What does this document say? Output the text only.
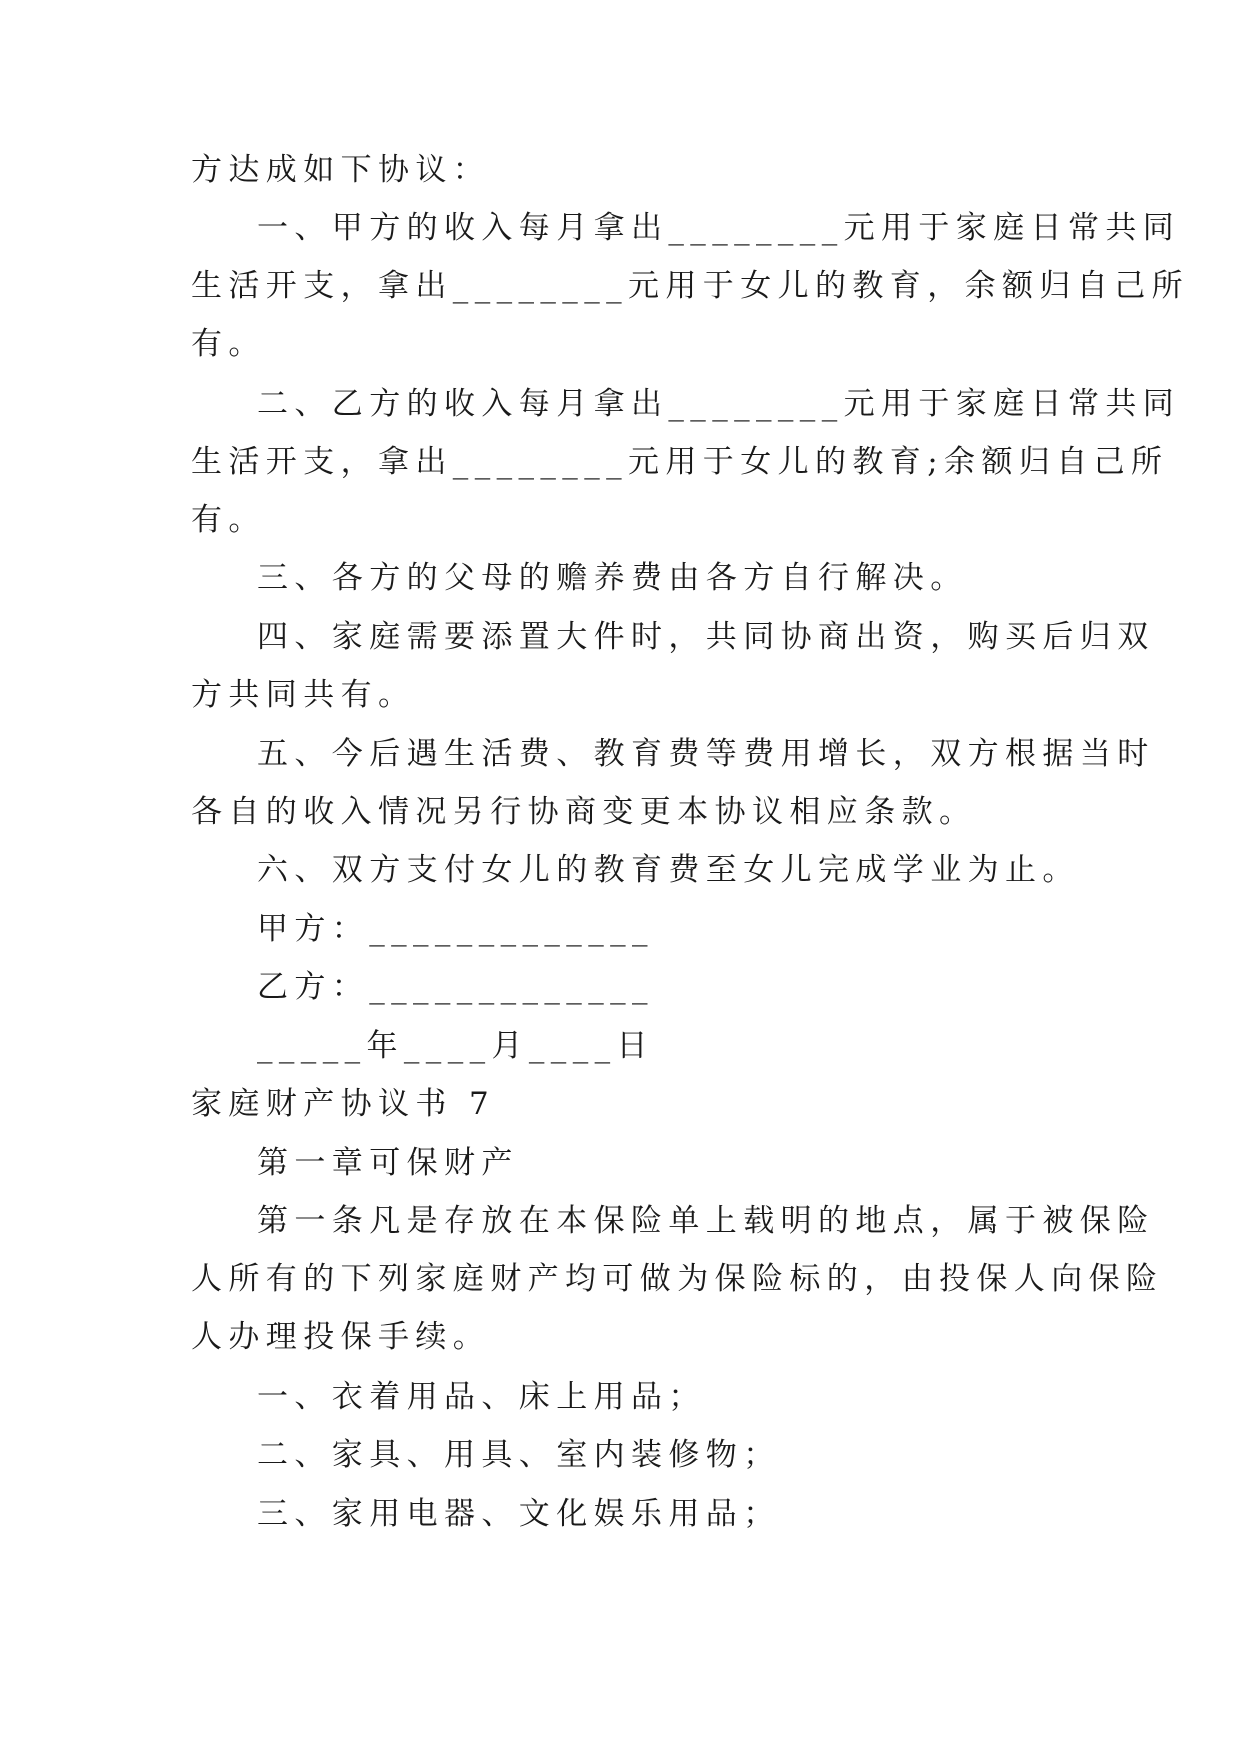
方达成如下协议：
一、甲方的收入每月拿出________元用于家庭日常共同
生活开支，拿出________元用于女儿的教育，余额归自己所
有。
二、乙方的收入每月拿出________元用于家庭日常共同
生活开支，拿出________元用于女儿的教育;余额归自己所
有。
三、各方的父母的赡养费由各方自行解决。
四、家庭需要添置大件时，共同协商出资，购买后归双
方共同共有。
五、今后遇生活费、教育费等费用增长，双方根据当时
各自的收入情况另行协商变更本协议相应条款。
六、双方支付女儿的教育费至女儿完成学业为止。
甲方：_____________
乙方：_____________
_____年____月____日
家庭财产协议书 7
第一章可保财产
第一条凡是存放在本保险单上载明的地点，属于被保险
人所有的下列家庭财产均可做为保险标的，由投保人向保险
人办理投保手续。
一、衣着用品、床上用品；
二、家具、用具、室内装修物；
三、家用电器、文化娱乐用品；
